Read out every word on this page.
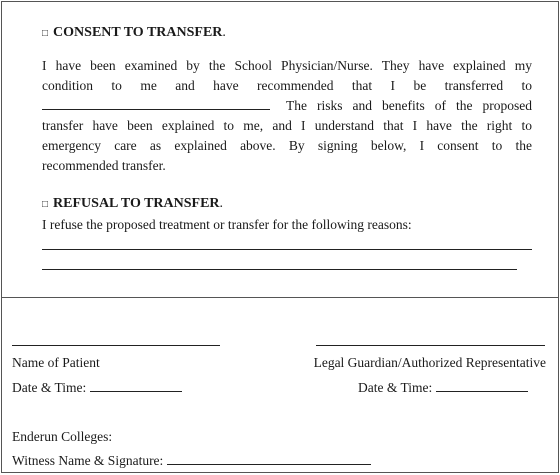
□ CONSENT TO TRANSFER.
I have been examined by the School Physician/Nurse. They have explained my
condition to me and have recommended that I be transferred to
The risks and benefits of the proposed
transfer have been explained to me, and I understand that I have the right to
emergency care as explained above. By signing below, I consent to the
recommended transfer.
□ REFUSAL TO TRANSFER.
I refuse the proposed treatment or transfer for the following reasons:
Name of Patient	Legal Guardian/Authorized Representative
Date & Time:	Date & Time:
Enderun Colleges:
Witness Name & Signature:
